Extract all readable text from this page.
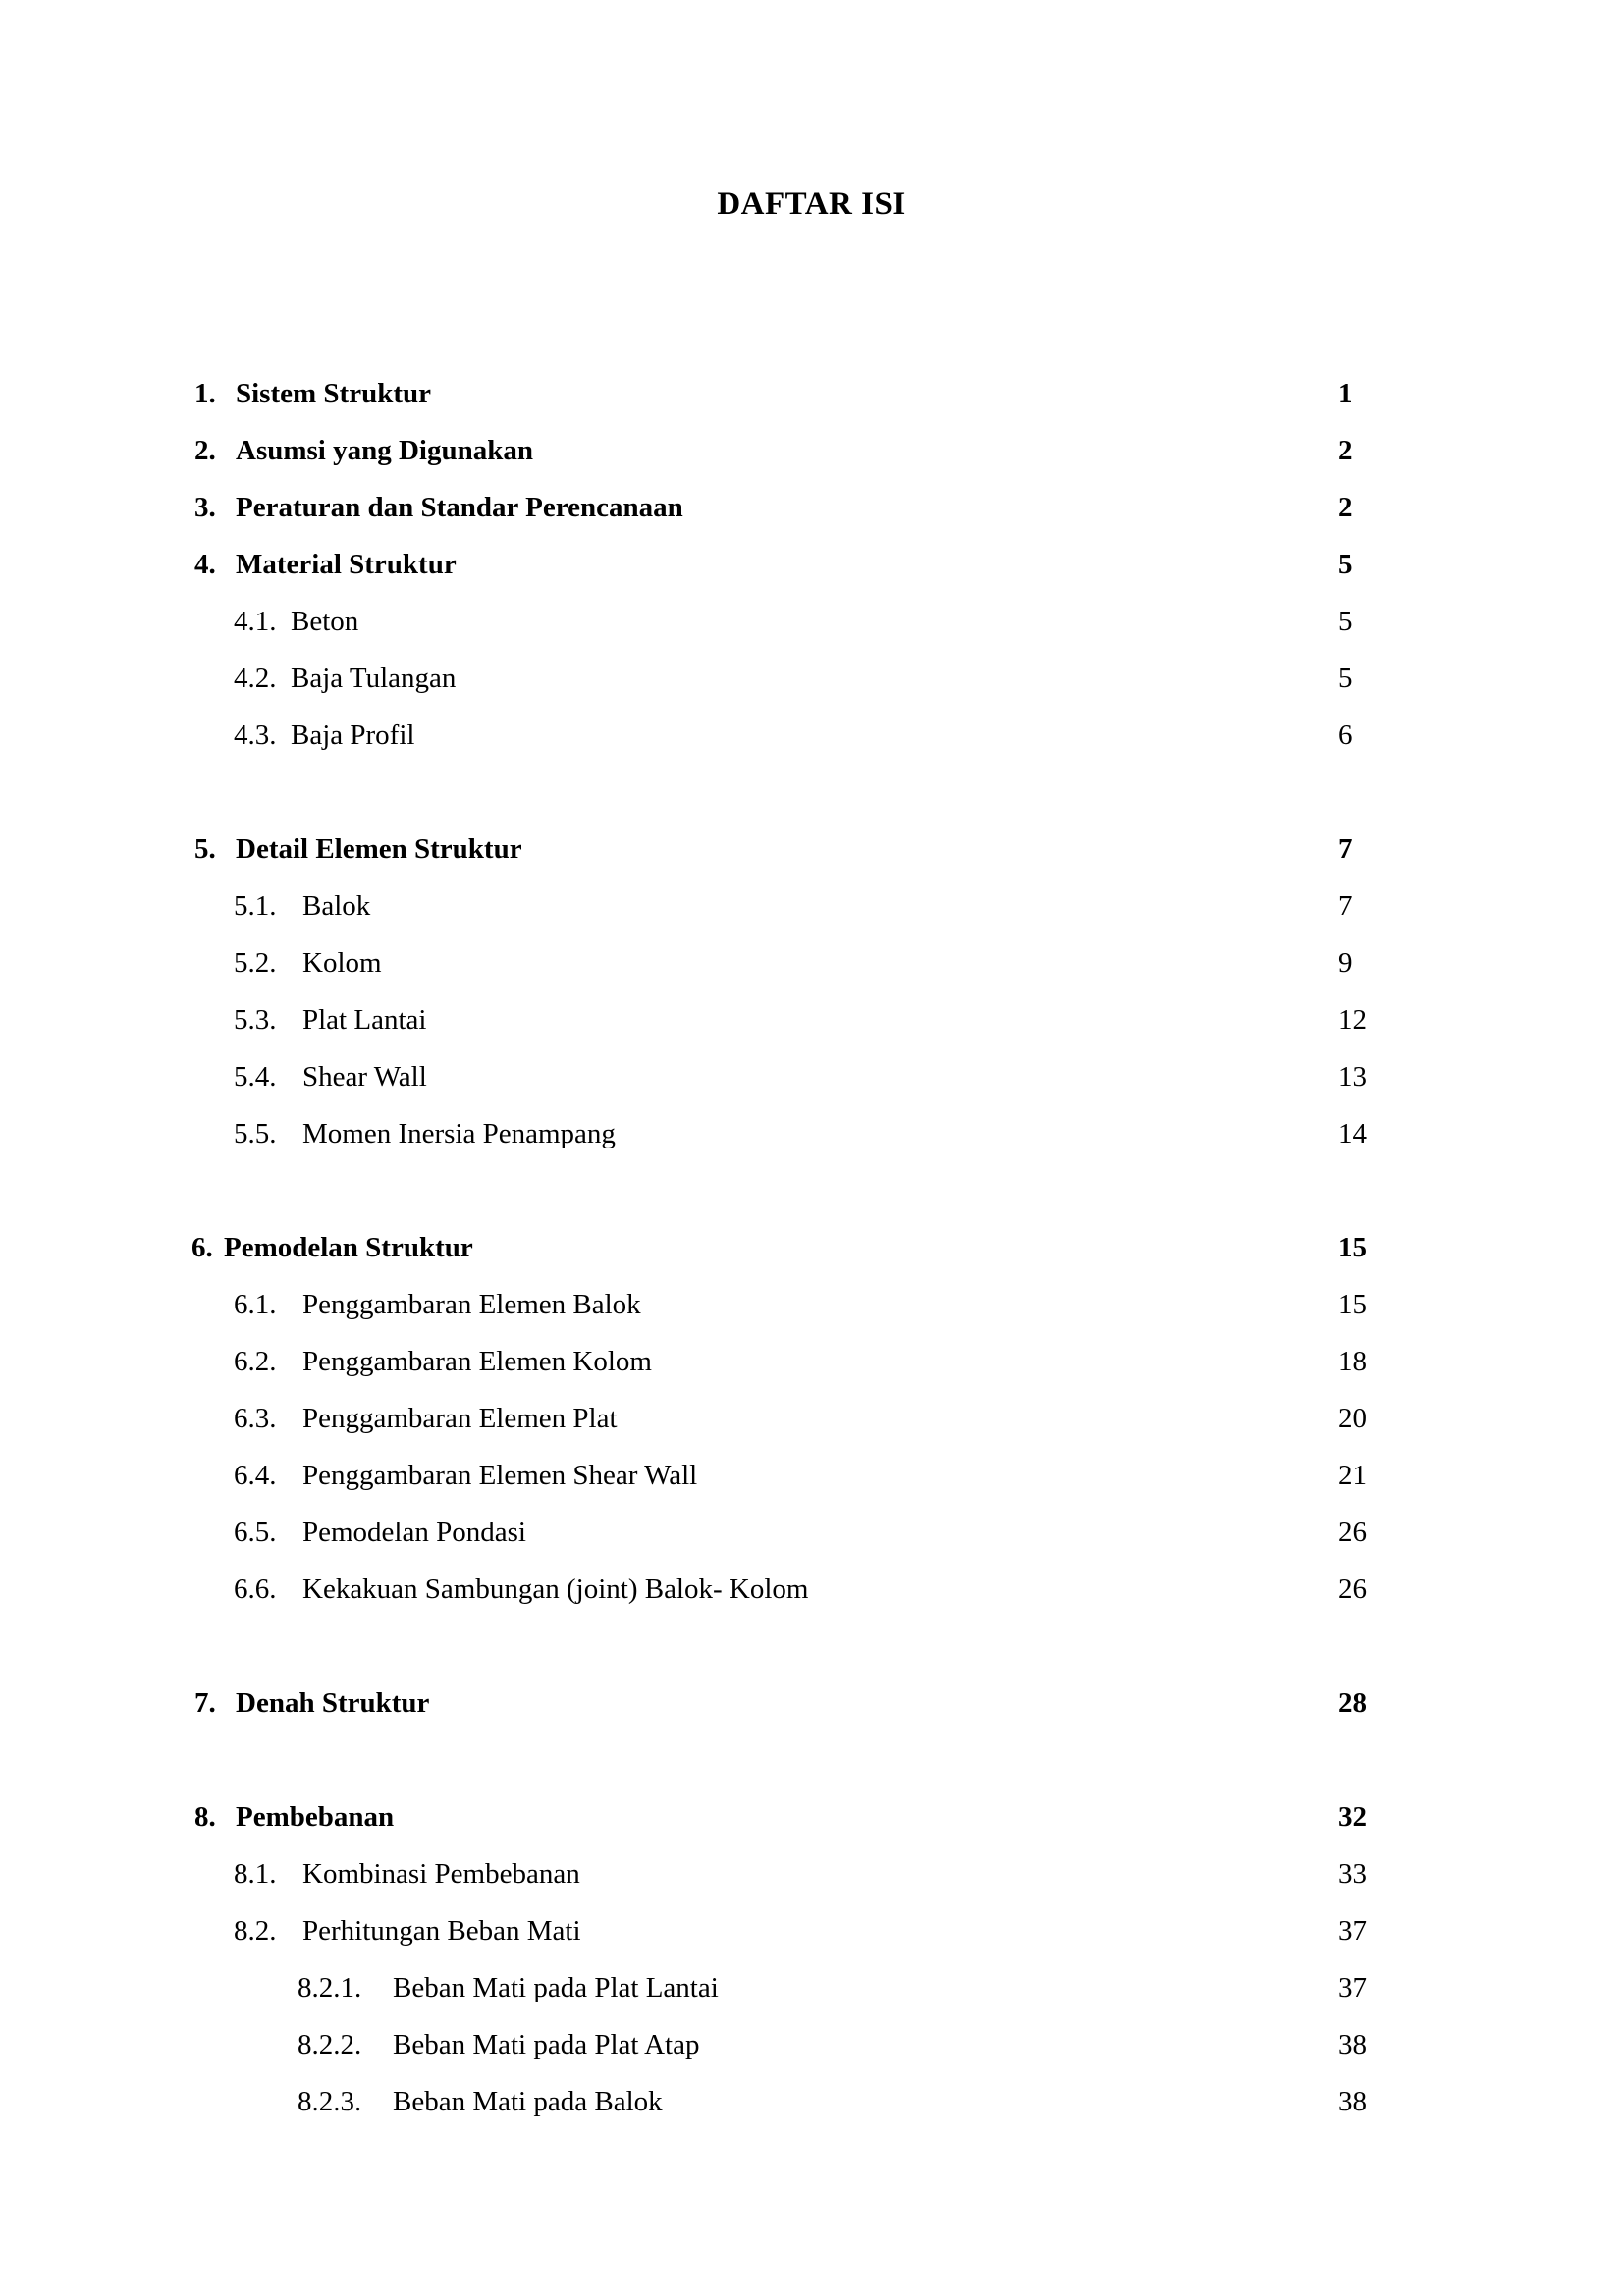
DAFTAR ISI
1. Sistem Struktur	1
2. Asumsi yang Digunakan	2
3. Peraturan dan Standar Perencanaan	2
4. Material Struktur	5
4.1. Beton	5
4.2. Baja Tulangan	5
4.3. Baja Profil	6
5. Detail Elemen Struktur	7
5.1. Balok	7
5.2. Kolom	9
5.3. Plat Lantai	12
5.4. Shear Wall	13
5.5. Momen Inersia Penampang	14
6. Pemodelan Struktur	15
6.1. Penggambaran Elemen Balok	15
6.2. Penggambaran Elemen Kolom	18
6.3. Penggambaran Elemen Plat	20
6.4. Penggambaran Elemen Shear Wall	21
6.5. Pemodelan Pondasi	26
6.6. Kekakuan Sambungan (joint) Balok- Kolom	26
7. Denah Struktur	28
8. Pembebanan	32
8.1. Kombinasi Pembebanan	33
8.2. Perhitungan Beban Mati	37
8.2.1. Beban Mati pada Plat Lantai	37
8.2.2. Beban Mati pada Plat Atap	38
8.2.3. Beban Mati pada Balok	38
